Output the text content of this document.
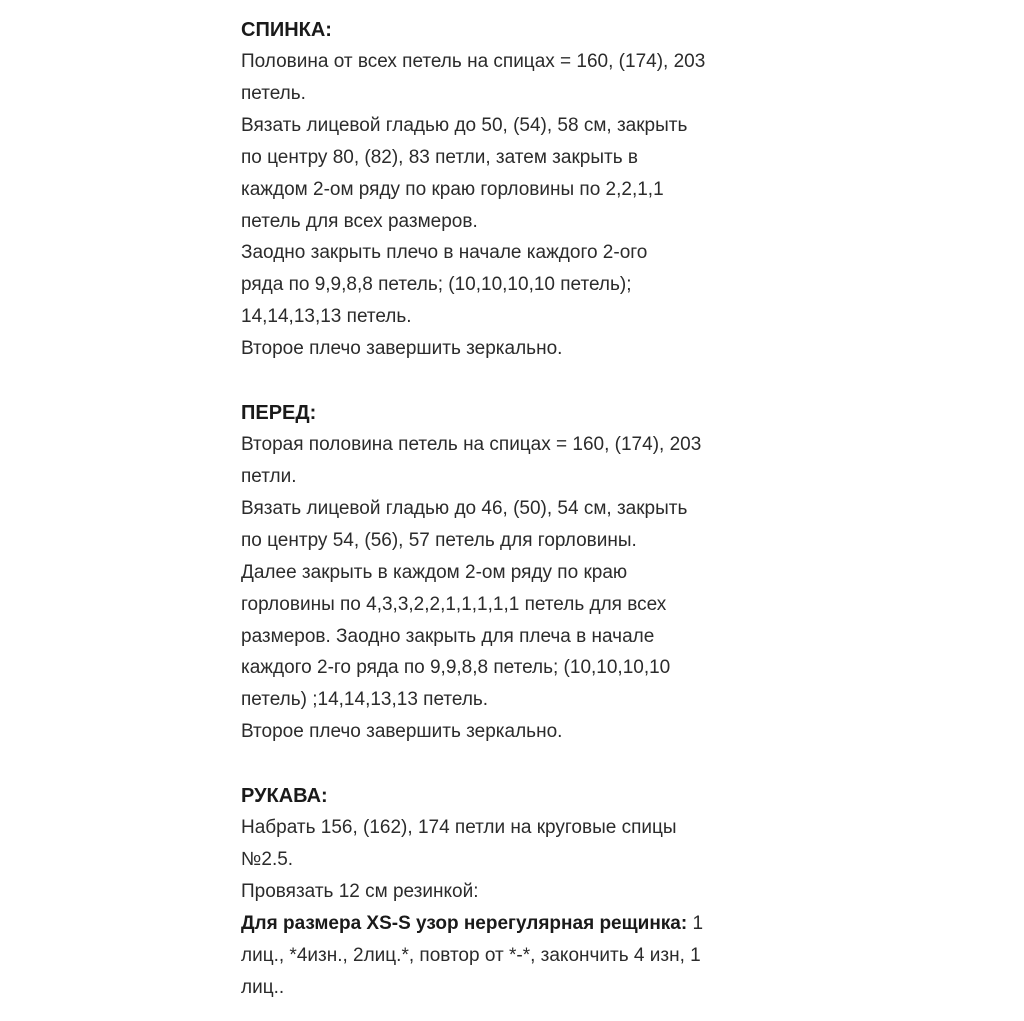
СПИНКА:

Половина от всех петель на спицах = 160, (174), 203

петель.

Вязать лицевой гладью до 50, (54), 58 см, закрыть

по центру 80, (82), 83 петли, затем закрыть в

каждом 2-ом ряду по краю горловины по 2,2,1,1

петель для всех размеров.

Заодно закрыть плечо в начале каждого 2-ого

ряда по 9,9,8,8 петель; (10,10,10,10 петель);

14,14,13,13 петель.

Второе плечо завершить зеркально.

ПЕРЕД:

Вторая половина петель на спицах = 160, (174), 203

петли.

Вязать лицевой гладью до 46, (50), 54 см, закрыть

по центру 54, (56), 57 петель для горловины.

Далее закрыть в каждом 2-ом ряду по краю

горловины по 4,3,3,2,2,1,1,1,1,1 петель для всех

размеров. Заодно закрыть для плеча в начале

каждого 2-го ряда по 9,9,8,8 петель; (10,10,10,10

петель) ;14,14,13,13 петель.

Второе плечо завершить зеркально.

РУКАВА:

Набрать 156, (162), 174 петли на круговые спицы

№2.5.

Провязать 12 см резинкой:

Для размера XS-S узор нерегулярная рещинка: 1

лиц., *4изн., 2лиц.*, повтор от *-*, закончить 4 изн, 1

лиц..
